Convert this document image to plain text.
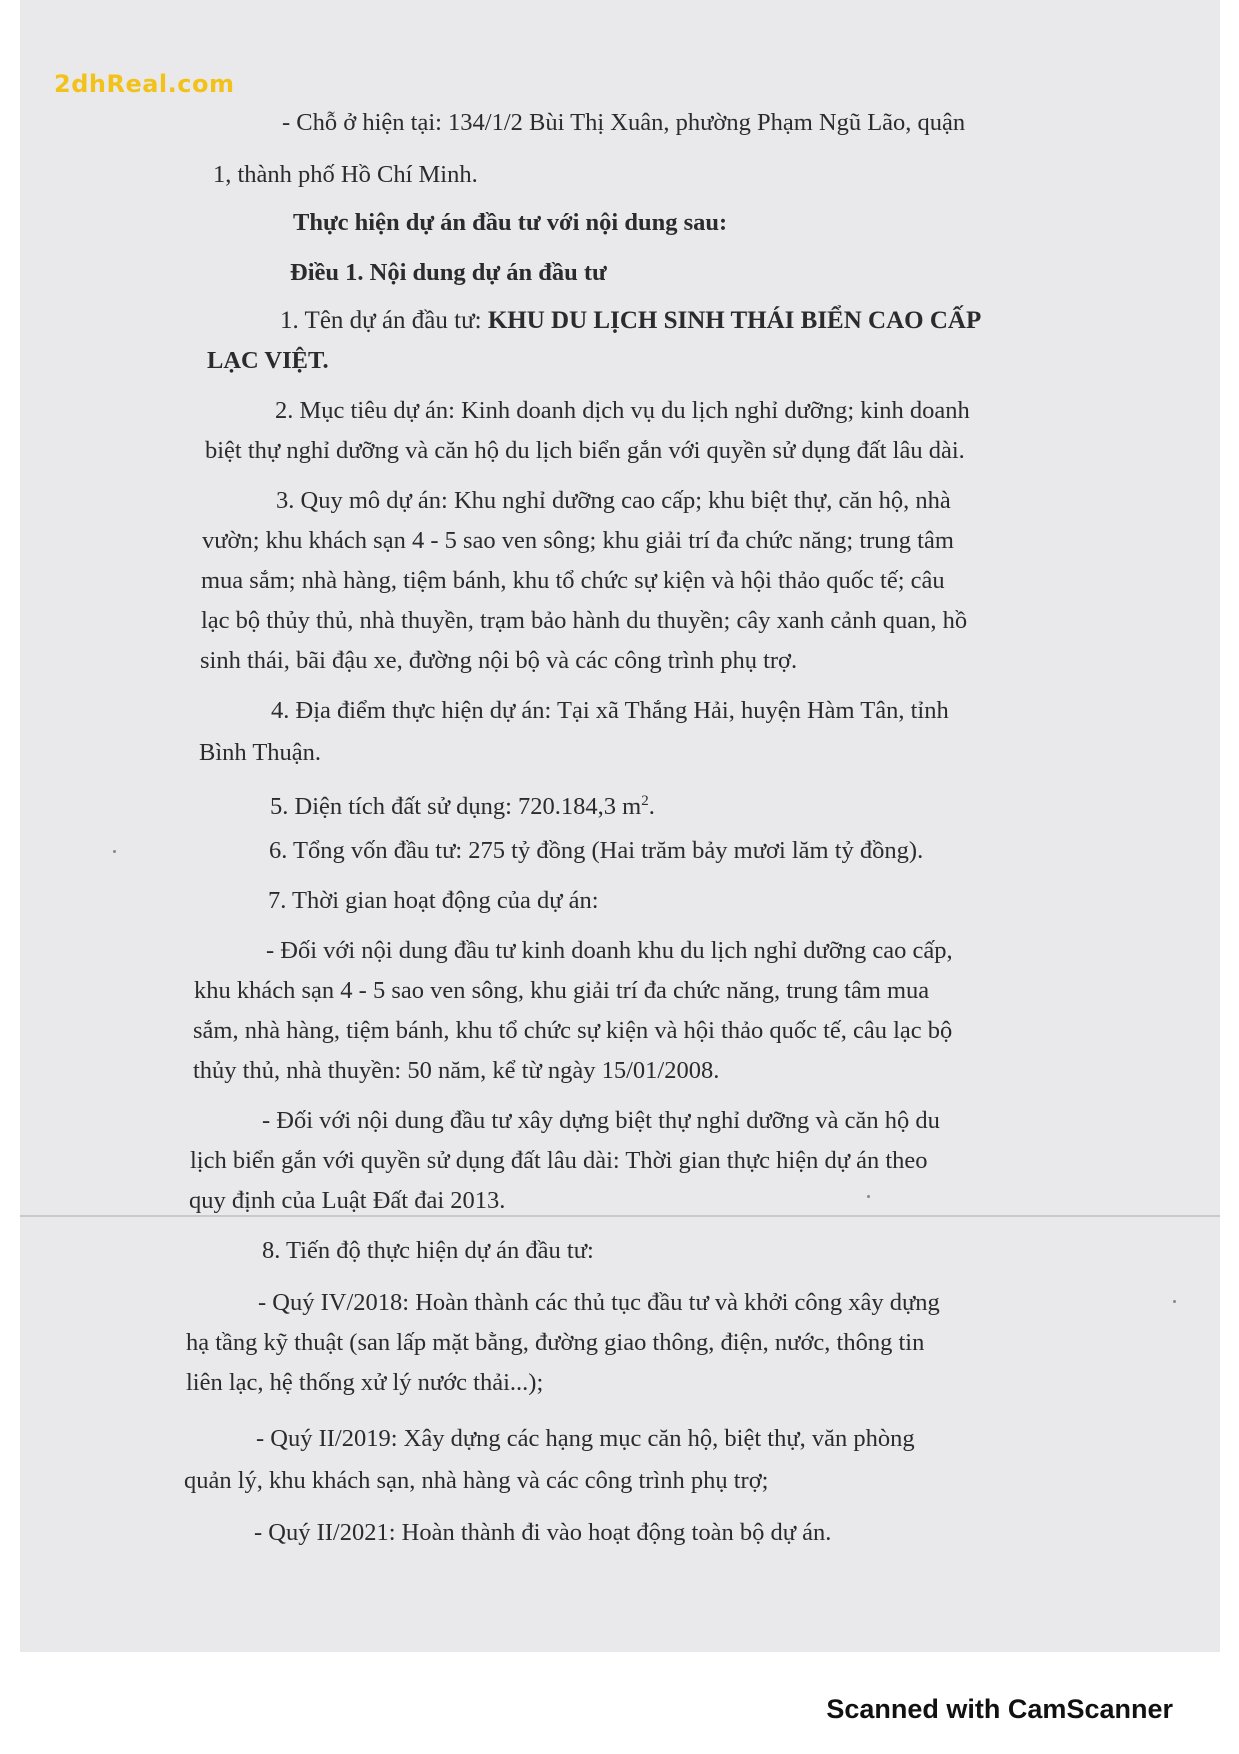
2dhReal.com
- Chỗ ở hiện tại: 134/1/2 Bùi Thị Xuân, phường Phạm Ngũ Lão, quận
1, thành phố Hồ Chí Minh.
Thực hiện dự án đầu tư với nội dung sau:
Điều 1. Nội dung dự án đầu tư
1. Tên dự án đầu tư: KHU DU LỊCH SINH THÁI BIỂN CAO CẤP
LẠC VIỆT.
2. Mục tiêu dự án: Kinh doanh dịch vụ du lịch nghỉ dưỡng; kinh doanh
biệt thự nghỉ dưỡng và căn hộ du lịch biển gắn với quyền sử dụng đất lâu dài.
3. Quy mô dự án: Khu nghỉ dưỡng cao cấp; khu biệt thự, căn hộ, nhà
vườn; khu khách sạn 4 - 5 sao ven sông; khu giải trí đa chức năng; trung tâm
mua sắm; nhà hàng, tiệm bánh, khu tổ chức sự kiện và hội thảo quốc tế; câu
lạc bộ thủy thủ, nhà thuyền, trạm bảo hành du thuyền; cây xanh cảnh quan, hồ
sinh thái, bãi đậu xe, đường nội bộ và các công trình phụ trợ.
4. Địa điểm thực hiện dự án: Tại xã Thắng Hải, huyện Hàm Tân, tỉnh
Bình Thuận.
5. Diện tích đất sử dụng: 720.184,3 $m^2$.
6. Tổng vốn đầu tư: 275 tỷ đồng (Hai trăm bảy mươi lăm tỷ đồng).
7. Thời gian hoạt động của dự án:
- Đối với nội dung đầu tư kinh doanh khu du lịch nghỉ dưỡng cao cấp,
khu khách sạn 4 - 5 sao ven sông, khu giải trí đa chức năng, trung tâm mua
sắm, nhà hàng, tiệm bánh, khu tổ chức sự kiện và hội thảo quốc tế, câu lạc bộ
thủy thủ, nhà thuyền: 50 năm, kể từ ngày 15/01/2008.
- Đối với nội dung đầu tư xây dựng biệt thự nghỉ dưỡng và căn hộ du
lịch biển gắn với quyền sử dụng đất lâu dài: Thời gian thực hiện dự án theo
quy định của Luật Đất đai 2013.
8. Tiến độ thực hiện dự án đầu tư:
- Quý IV/2018: Hoàn thành các thủ tục đầu tư và khởi công xây dựng
hạ tầng kỹ thuật (san lấp mặt bằng, đường giao thông, điện, nước, thông tin
liên lạc, hệ thống xử lý nước thải...);
- Quý II/2019: Xây dựng các hạng mục căn hộ, biệt thự, văn phòng
quản lý, khu khách sạn, nhà hàng và các công trình phụ trợ;
- Quý II/2021: Hoàn thành đi vào hoạt động toàn bộ dự án.
Scanned with CamScanner
